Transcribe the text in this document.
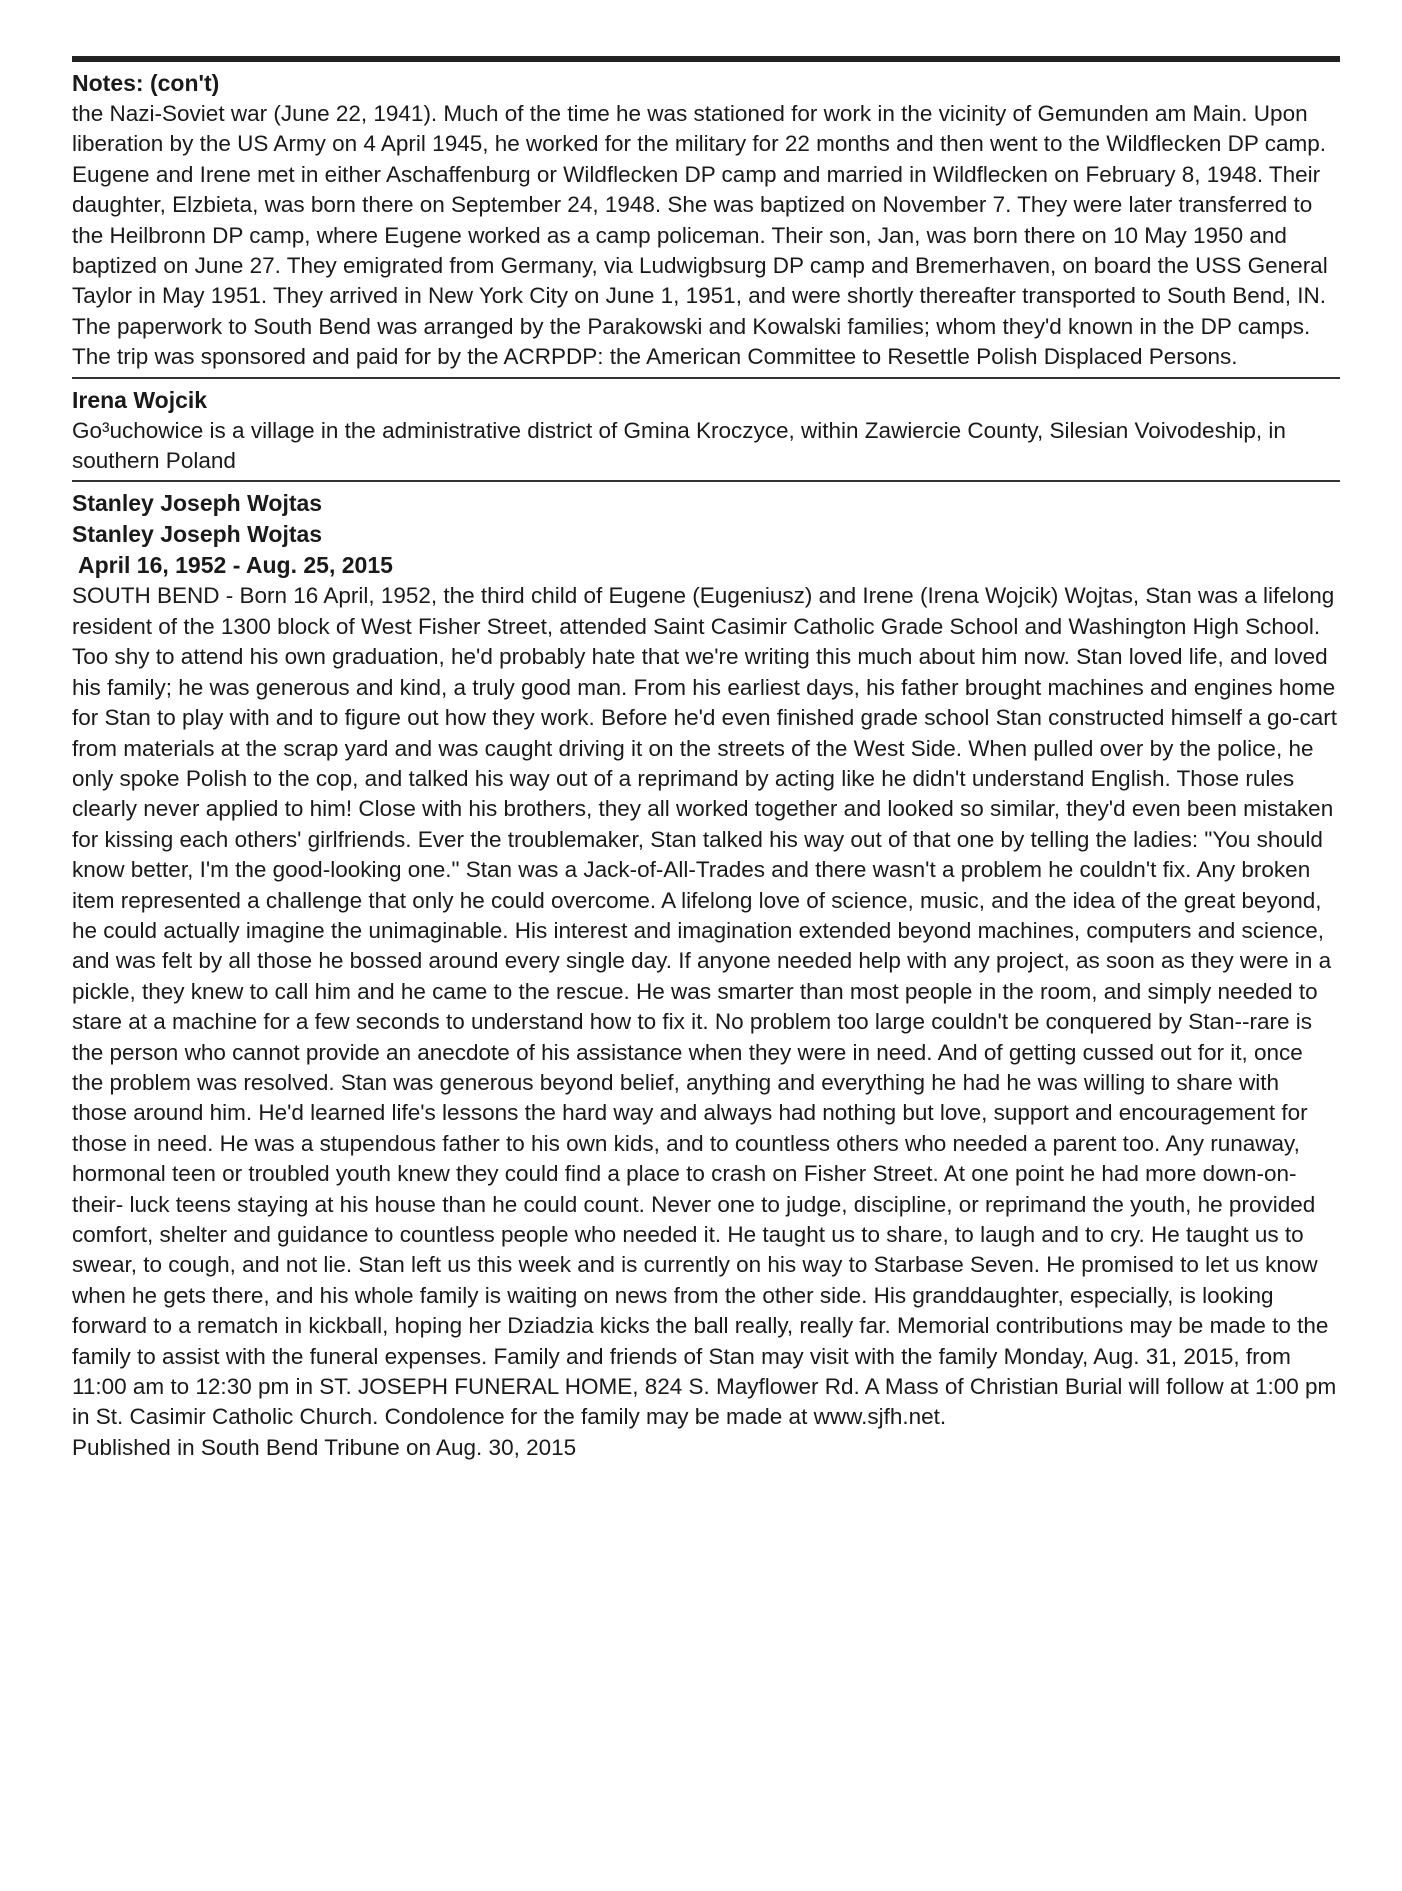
Notes: (con't)

the Nazi-Soviet war (June 22, 1941). Much of the time he was stationed for work in the vicinity of Gemunden am Main. Upon liberation by the US Army on 4 April 1945, he worked for the military for 22 months and then went to the Wildflecken DP camp.

Eugene and Irene met in either Aschaffenburg or Wildflecken DP camp and married in Wildflecken on February 8, 1948. Their daughter, Elzbieta, was born there on September 24, 1948. She was baptized on November 7. They were later transferred to the Heilbronn DP camp, where Eugene worked as a camp policeman. Their son, Jan, was born there on 10 May 1950 and baptized on June 27. They emigrated from Germany, via Ludwigbsurg DP camp and Bremerhaven, on board the USS General Taylor in May 1951. They arrived in New York City on June 1, 1951, and were shortly thereafter transported to South Bend, IN. The paperwork to South Bend was arranged by the Parakowski and Kowalski families; whom they'd known in the DP camps. The trip was sponsored and paid for by the ACRPDP: the American Committee to Resettle Polish Displaced Persons.

Irena Wojcik

Go³uchowice is a village in the administrative district of Gmina Kroczyce, within Zawiercie County, Silesian Voivodeship, in southern Poland

Stanley Joseph Wojtas
Stanley Joseph Wojtas
April 16, 1952 - Aug. 25, 2015

SOUTH BEND - Born 16 April, 1952, the third child of Eugene (Eugeniusz) and Irene (Irena Wojcik) Wojtas, Stan was a lifelong resident of the 1300 block of West Fisher Street, attended Saint Casimir Catholic Grade School and Washington High School. Too shy to attend his own graduation, he'd probably hate that we're writing this much about him now. Stan loved life, and loved his family; he was generous and kind, a truly good man. From his earliest days, his father brought machines and engines home for Stan to play with and to figure out how they work. Before he'd even finished grade school Stan constructed himself a go-cart from materials at the scrap yard and was caught driving it on the streets of the West Side. When pulled over by the police, he only spoke Polish to the cop, and talked his way out of a reprimand by acting like he didn't understand English. Those rules clearly never applied to him! Close with his brothers, they all worked together and looked so similar, they'd even been mistaken for kissing each others' girlfriends. Ever the troublemaker, Stan talked his way out of that one by telling the ladies: "You should know better, I'm the good-looking one." Stan was a Jack-of-All-Trades and there wasn't a problem he couldn't fix. Any broken item represented a challenge that only he could overcome. A lifelong love of science, music, and the idea of the great beyond, he could actually imagine the unimaginable. His interest and imagination extended beyond machines, computers and science, and was felt by all those he bossed around every single day. If anyone needed help with any project, as soon as they were in a pickle, they knew to call him and he came to the rescue. He was smarter than most people in the room, and simply needed to stare at a machine for a few seconds to understand how to fix it. No problem too large couldn't be conquered by Stan--rare is the person who cannot provide an anecdote of his assistance when they were in need. And of getting cussed out for it, once the problem was resolved. Stan was generous beyond belief, anything and everything he had he was willing to share with those around him. He'd learned life's lessons the hard way and always had nothing but love, support and encouragement for those in need. He was a stupendous father to his own kids, and to countless others who needed a parent too. Any runaway, hormonal teen or troubled youth knew they could find a place to crash on Fisher Street. At one point he had more down-on-their- luck teens staying at his house than he could count. Never one to judge, discipline, or reprimand the youth, he provided comfort, shelter and guidance to countless people who needed it. He taught us to share, to laugh and to cry. He taught us to swear, to cough, and not lie. Stan left us this week and is currently on his way to Starbase Seven. He promised to let us know when he gets there, and his whole family is waiting on news from the other side. His granddaughter, especially, is looking forward to a rematch in kickball, hoping her Dziadzia kicks the ball really, really far. Memorial contributions may be made to the family to assist with the funeral expenses. Family and friends of Stan may visit with the family Monday, Aug. 31, 2015, from 11:00 am to 12:30 pm in ST. JOSEPH FUNERAL HOME, 824 S. Mayflower Rd. A Mass of Christian Burial will follow at 1:00 pm in St. Casimir Catholic Church. Condolence for the family may be made at www.sjfh.net.

Published in South Bend Tribune on Aug. 30, 2015
